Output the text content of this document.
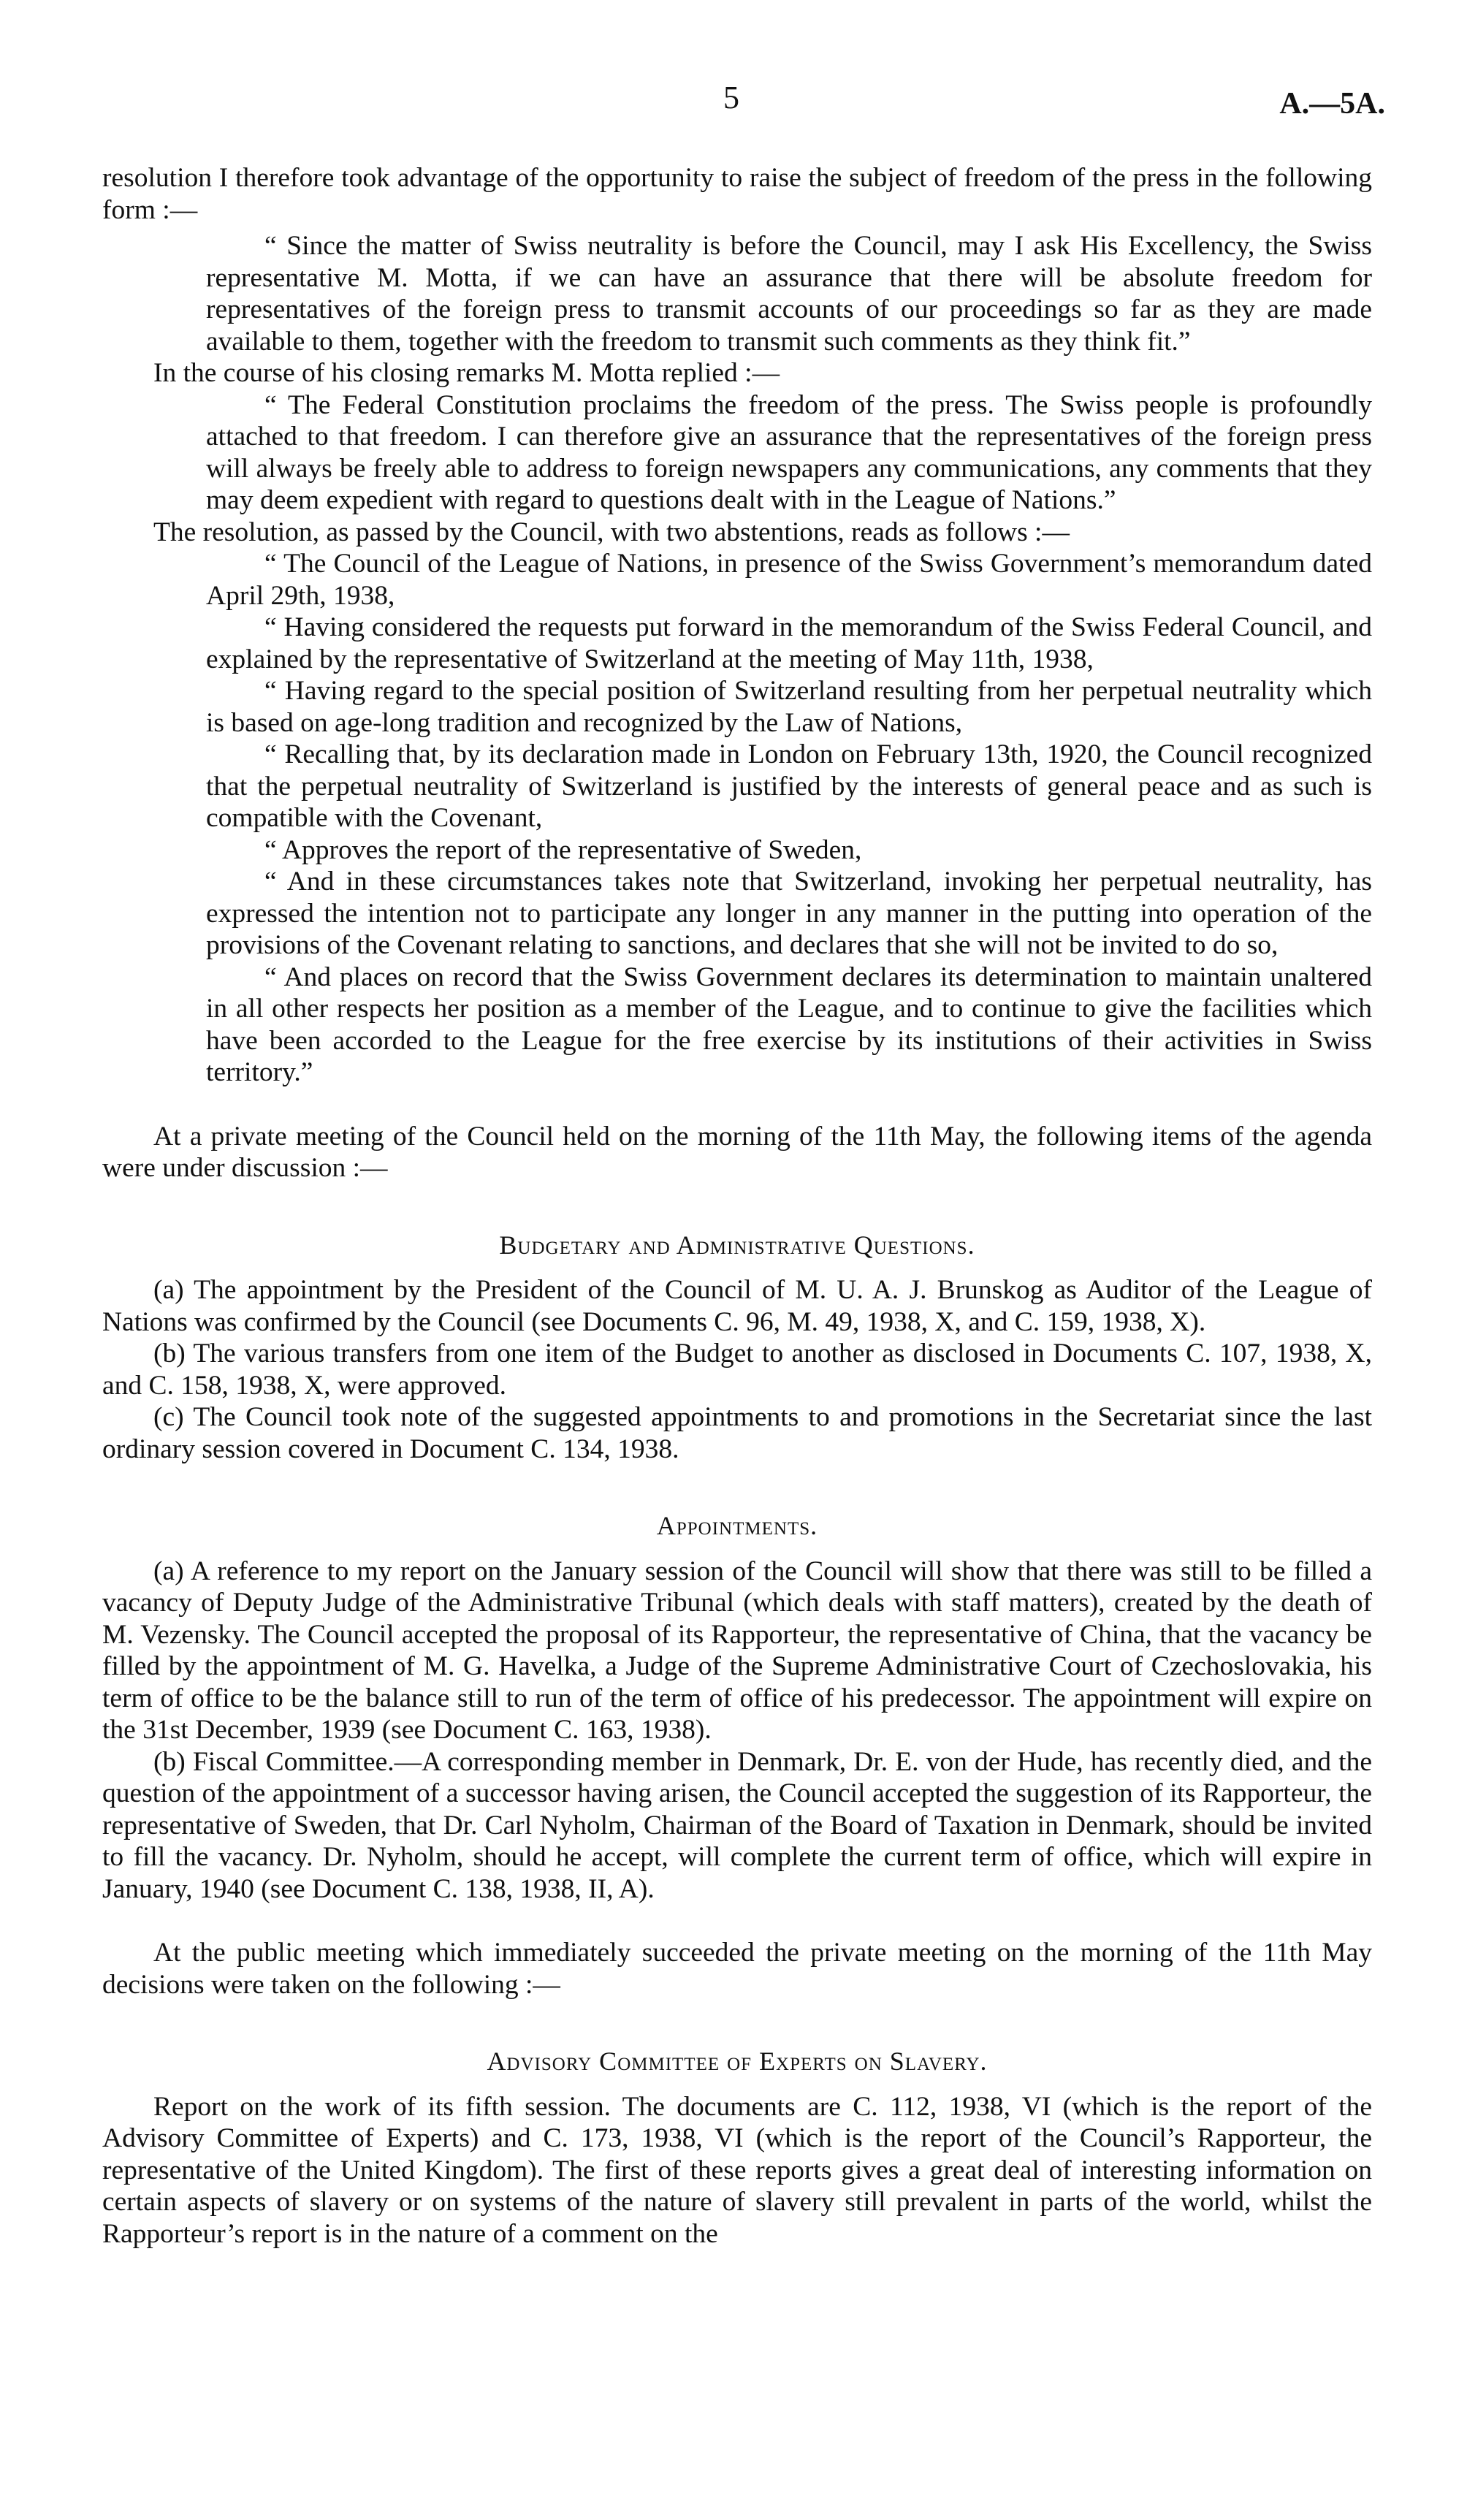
5	A.—5A.

resolution I therefore took advantage of the opportunity to raise the subject of freedom of the press in the following form :—

“ Since the matter of Swiss neutrality is before the Council, may I ask His Excellency, the Swiss representative M. Motta, if we can have an assurance that there will be absolute freedom for representatives of the foreign press to transmit accounts of our proceedings so far as they are made available to them, together with the freedom to transmit such comments as they think fit.”

In the course of his closing remarks M. Motta replied :—

“ The Federal Constitution proclaims the freedom of the press. The Swiss people is profoundly attached to that freedom. I can therefore give an assurance that the representatives of the foreign press will always be freely able to address to foreign newspapers any communications, any comments that they may deem expedient with regard to questions dealt with in the League of Nations.”

The resolution, as passed by the Council, with two abstentions, reads as follows :—

“ The Council of the League of Nations, in presence of the Swiss Government’s memorandum dated April 29th, 1938,

“ Having considered the requests put forward in the memorandum of the Swiss Federal Council, and explained by the representative of Switzerland at the meeting of May 11th, 1938,

“ Having regard to the special position of Switzerland resulting from her perpetual neutrality which is based on age-long tradition and recognized by the Law of Nations,

“ Recalling that, by its declaration made in London on February 13th, 1920, the Council recognized that the perpetual neutrality of Switzerland is justified by the interests of general peace and as such is compatible with the Covenant,

“ Approves the report of the representative of Sweden,

“ And in these circumstances takes note that Switzerland, invoking her perpetual neutrality, has expressed the intention not to participate any longer in any manner in the putting into operation of the provisions of the Covenant relating to sanctions, and declares that she will not be invited to do so,

“ And places on record that the Swiss Government declares its determination to maintain unaltered in all other respects her position as a member of the League, and to continue to give the facilities which have been accorded to the League for the free exercise by its institutions of their activities in Swiss territory.”

At a private meeting of the Council held on the morning of the 11th May, the following items of the agenda were under discussion :—

Budgetary and Administrative Questions.

(a) The appointment by the President of the Council of M. U. A. J. Brunskog as Auditor of the League of Nations was confirmed by the Council (see Documents C. 96, M. 49, 1938, X, and C. 159, 1938, X).

(b) The various transfers from one item of the Budget to another as disclosed in Documents C. 107, 1938, X, and C. 158, 1938, X, were approved.

(c) The Council took note of the suggested appointments to and promotions in the Secretariat since the last ordinary session covered in Document C. 134, 1938.

Appointments.

(a) A reference to my report on the January session of the Council will show that there was still to be filled a vacancy of Deputy Judge of the Administrative Tribunal (which deals with staff matters), created by the death of M. Vezensky. The Council accepted the proposal of its Rapporteur, the representative of China, that the vacancy be filled by the appointment of M. G. Havelka, a Judge of the Supreme Administrative Court of Czechoslovakia, his term of office to be the balance still to run of the term of office of his predecessor. The appointment will expire on the 31st December, 1939 (see Document C. 163, 1938).

(b) Fiscal Committee.—A corresponding member in Denmark, Dr. E. von der Hude, has recently died, and the question of the appointment of a successor having arisen, the Council accepted the suggestion of its Rapporteur, the representative of Sweden, that Dr. Carl Nyholm, Chairman of the Board of Taxation in Denmark, should be invited to fill the vacancy. Dr. Nyholm, should he accept, will complete the current term of office, which will expire in January, 1940 (see Document C. 138, 1938, II, A).

At the public meeting which immediately succeeded the private meeting on the morning of the 11th May decisions were taken on the following :—

Advisory Committee of Experts on Slavery.

Report on the work of its fifth session. The documents are C. 112, 1938, VI (which is the report of the Advisory Committee of Experts) and C. 173, 1938, VI (which is the report of the Council’s Rapporteur, the representative of the United Kingdom). The first of these reports gives a great deal of interesting information on certain aspects of slavery or on systems of the nature of slavery still prevalent in parts of the world, whilst the Rapporteur’s report is in the nature of a comment on the
